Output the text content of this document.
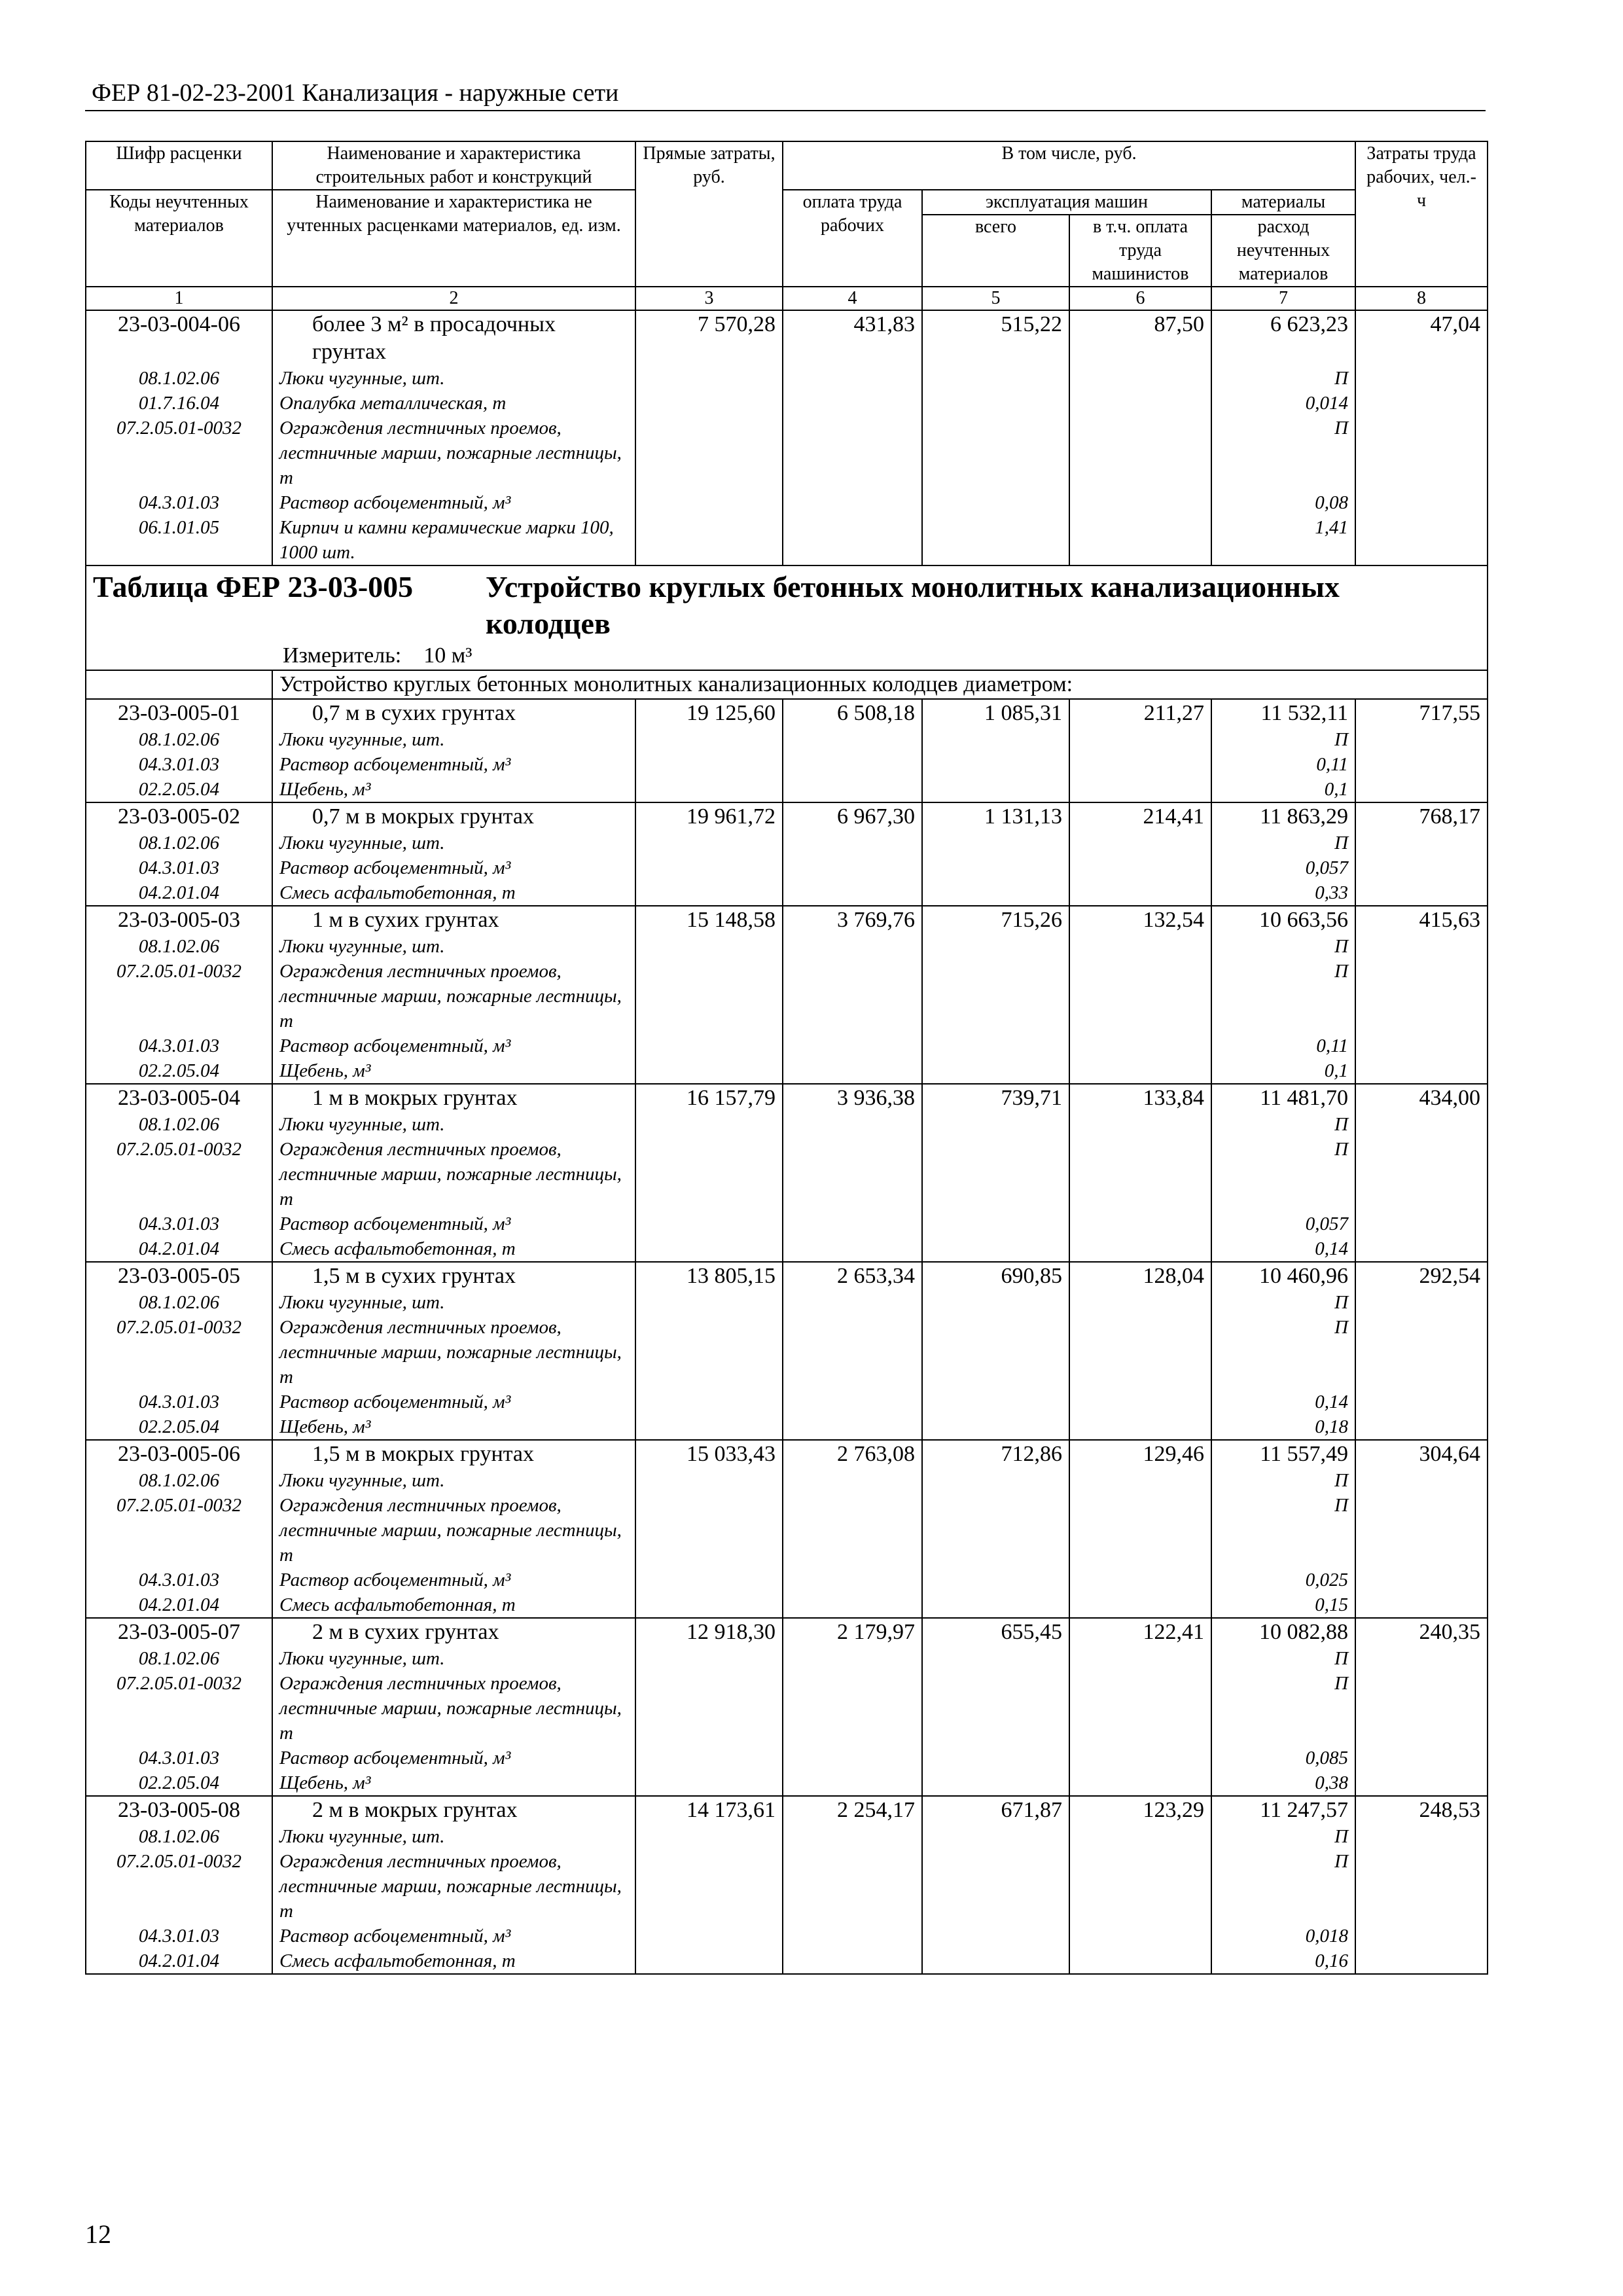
ФЕР 81-02-23-2001 Канализация - наружные сети
Шифр расценки	Наименование и характеристика строительных работ и конструкций	Прямые затраты, руб.	В том числе, руб.				Затраты труда рабочих, чел.-ч
Коды неучтенных материалов	Наименование и характеристика не учтенных расценками материалов, ед. изм.		оплата труда рабочих	эксплуатация машин		материалы	
				всего	в т.ч. оплата труда машинистов	расход неучтенных материалов	
1	2	3	4	5	6	7	8
23-03-004-06	более 3 м² в просадочных грунтах	7 570,28	431,83	515,22	87,50	6 623,23	47,04
08.1.02.06	Люки чугунные, шт.					П	
01.7.16.04	Опалубка металлическая, т					0,014	
07.2.05.01-0032	Ограждения лестничных проемов, лестничные марши, пожарные лестницы, т					П	
04.3.01.03	Раствор асбоцементный, м³					0,08	
06.1.01.05	Кирпич и камни керамические марки 100, 1000 шт.					1,41	
Таблица ФЕР 23-03-005 Устройство круглых бетонных монолитных канализационных колодцев							
Измеритель: 10 м³							
	Устройство круглых бетонных монолитных канализационных колодцев диаметром:						
23-03-005-01	0,7 м в сухих грунтах	19 125,60	6 508,18	1 085,31	211,27	11 532,11	717,55
08.1.02.06	Люки чугунные, шт.					П	
04.3.01.03	Раствор асбоцементный, м³					0,11	
02.2.05.04	Щебень, м³					0,1	
23-03-005-02	0,7 м в мокрых грунтах	19 961,72	6 967,30	1 131,13	214,41	11 863,29	768,17
08.1.02.06	Люки чугунные, шт.					П	
04.3.01.03	Раствор асбоцементный, м³					0,057	
04.2.01.04	Смесь асфальтобетонная, т					0,33	
23-03-005-03	1 м в сухих грунтах	15 148,58	3 769,76	715,26	132,54	10 663,56	415,63
08.1.02.06	Люки чугунные, шт.					П	
07.2.05.01-0032	Ограждения лестничных проемов, лестничные марши, пожарные лестницы, т					П	
04.3.01.03	Раствор асбоцементный, м³					0,11	
02.2.05.04	Щебень, м³					0,1	
23-03-005-04	1 м в мокрых грунтах	16 157,79	3 936,38	739,71	133,84	11 481,70	434,00
08.1.02.06	Люки чугунные, шт.					П	
07.2.05.01-0032	Ограждения лестничных проемов, лестничные марши, пожарные лестницы, т					П	
04.3.01.03	Раствор асбоцементный, м³					0,057	
04.2.01.04	Смесь асфальтобетонная, т					0,14	
23-03-005-05	1,5 м в сухих грунтах	13 805,15	2 653,34	690,85	128,04	10 460,96	292,54
08.1.02.06	Люки чугунные, шт.					П	
07.2.05.01-0032	Ограждения лестничных проемов, лестничные марши, пожарные лестницы, т					П	
04.3.01.03	Раствор асбоцементный, м³					0,14	
02.2.05.04	Щебень, м³					0,18	
23-03-005-06	1,5 м в мокрых грунтах	15 033,43	2 763,08	712,86	129,46	11 557,49	304,64
08.1.02.06	Люки чугунные, шт.					П	
07.2.05.01-0032	Ограждения лестничных проемов, лестничные марши, пожарные лестницы, т					П	
04.3.01.03	Раствор асбоцементный, м³					0,025	
04.2.01.04	Смесь асфальтобетонная, т					0,15	
23-03-005-07	2 м в сухих грунтах	12 918,30	2 179,97	655,45	122,41	10 082,88	240,35
08.1.02.06	Люки чугунные, шт.					П	
07.2.05.01-0032	Ограждения лестничных проемов, лестничные марши, пожарные лестницы, т					П	
04.3.01.03	Раствор асбоцементный, м³					0,085	
02.2.05.04	Щебень, м³					0,38	
23-03-005-08	2 м в мокрых грунтах	14 173,61	2 254,17	671,87	123,29	11 247,57	248,53
08.1.02.06	Люки чугунные, шт.					П	
07.2.05.01-0032	Ограждения лестничных проемов, лестничные марши, пожарные лестницы, т					П	
04.3.01.03	Раствор асбоцементный, м³					0,018	
04.2.01.04	Смесь асфальтобетонная, т					0,16	
12
